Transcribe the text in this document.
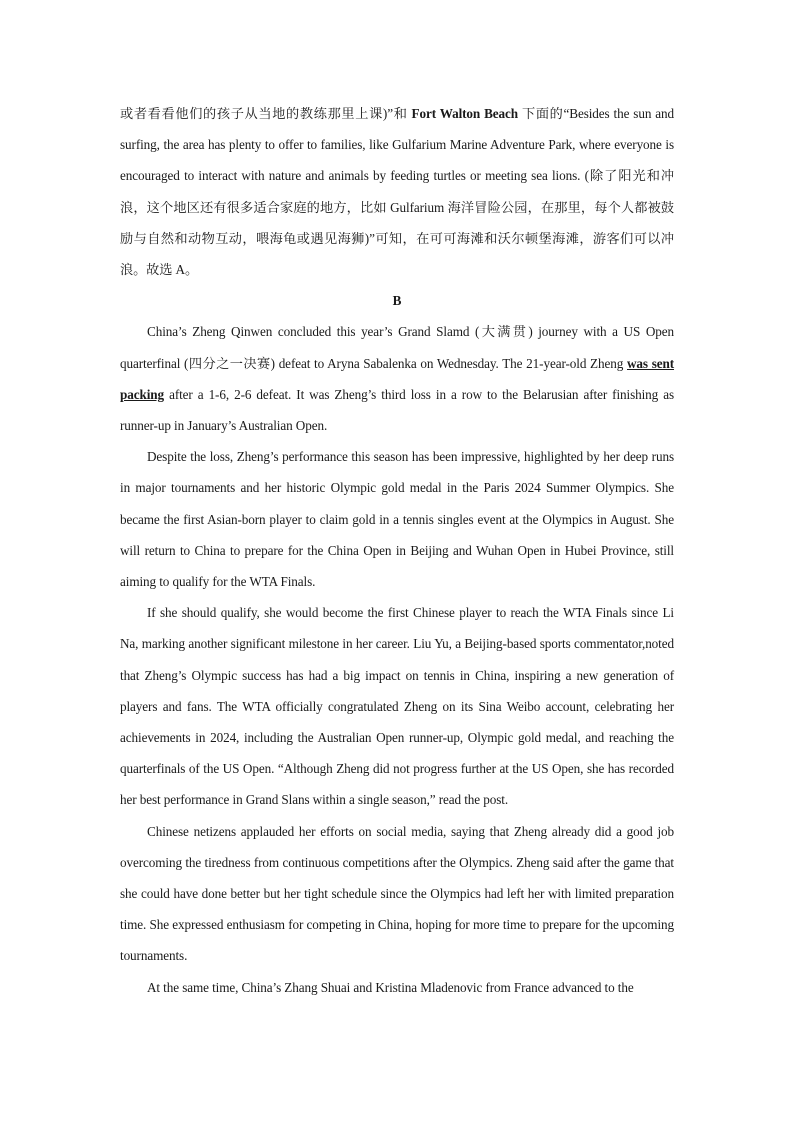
或者看看他们的孩子从当地的教练那里上课)”和 Fort Walton Beach 下面的“Besides the sun and surfing, the area has plenty to offer to families, like Gulfarium Marine Adventure Park, where everyone is encouraged to interact with nature and animals by feeding turtles or meeting sea lions. (除了阳光和冲浪，这个地区还有很多适合家庭的地方，比如 Gulfarium 海洋冒险公园，在那里，每个人都被鼓励与自然和动物互动，喂海龟或遇见海狮)”可知，在可可海滩和沃尔顿堡海滩，游客们可以冲浪。故选 A。

B

China’s Zheng Qinwen concluded this year’s Grand Slamd (大满贯) journey with a US Open quarterfinal (四分之一决赛) defeat to Aryna Sabalenka on Wednesday. The 21-year-old Zheng was sent packing after a 1-6, 2-6 defeat. It was Zheng’s third loss in a row to the Belarusian after finishing as runner-up in January’s Australian Open.

Despite the loss, Zheng’s performance this season has been impressive, highlighted by her deep runs in major tournaments and her historic Olympic gold medal in the Paris 2024 Summer Olympics. She became the first Asian-born player to claim gold in a tennis singles event at the Olympics in August. She will return to China to prepare for the China Open in Beijing and Wuhan Open in Hubei Province, still aiming to qualify for the WTA Finals.

If she should qualify, she would become the first Chinese player to reach the WTA Finals since Li Na, marking another significant milestone in her career. Liu Yu, a Beijing-based sports commentator,noted that Zheng’s Olympic success has had a big impact on tennis in China, inspiring a new generation of players and fans. The WTA officially congratulated Zheng on its Sina Weibo account, celebrating her achievements in 2024, including the Australian Open runner-up, Olympic gold medal, and reaching the quarterfinals of the US Open. “Although Zheng did not progress further at the US Open, she has recorded her best performance in Grand Slans within a single season,” read the post.

Chinese netizens applauded her efforts on social media, saying that Zheng already did a good job overcoming the tiredness from continuous competitions after the Olympics. Zheng said after the game that she could have done better but her tight schedule since the Olympics had left her with limited preparation time. She expressed enthusiasm for competing in China, hoping for more time to prepare for the upcoming tournaments.

At the same time, China’s Zhang Shuai and Kristina Mladenovic from France advanced to the
